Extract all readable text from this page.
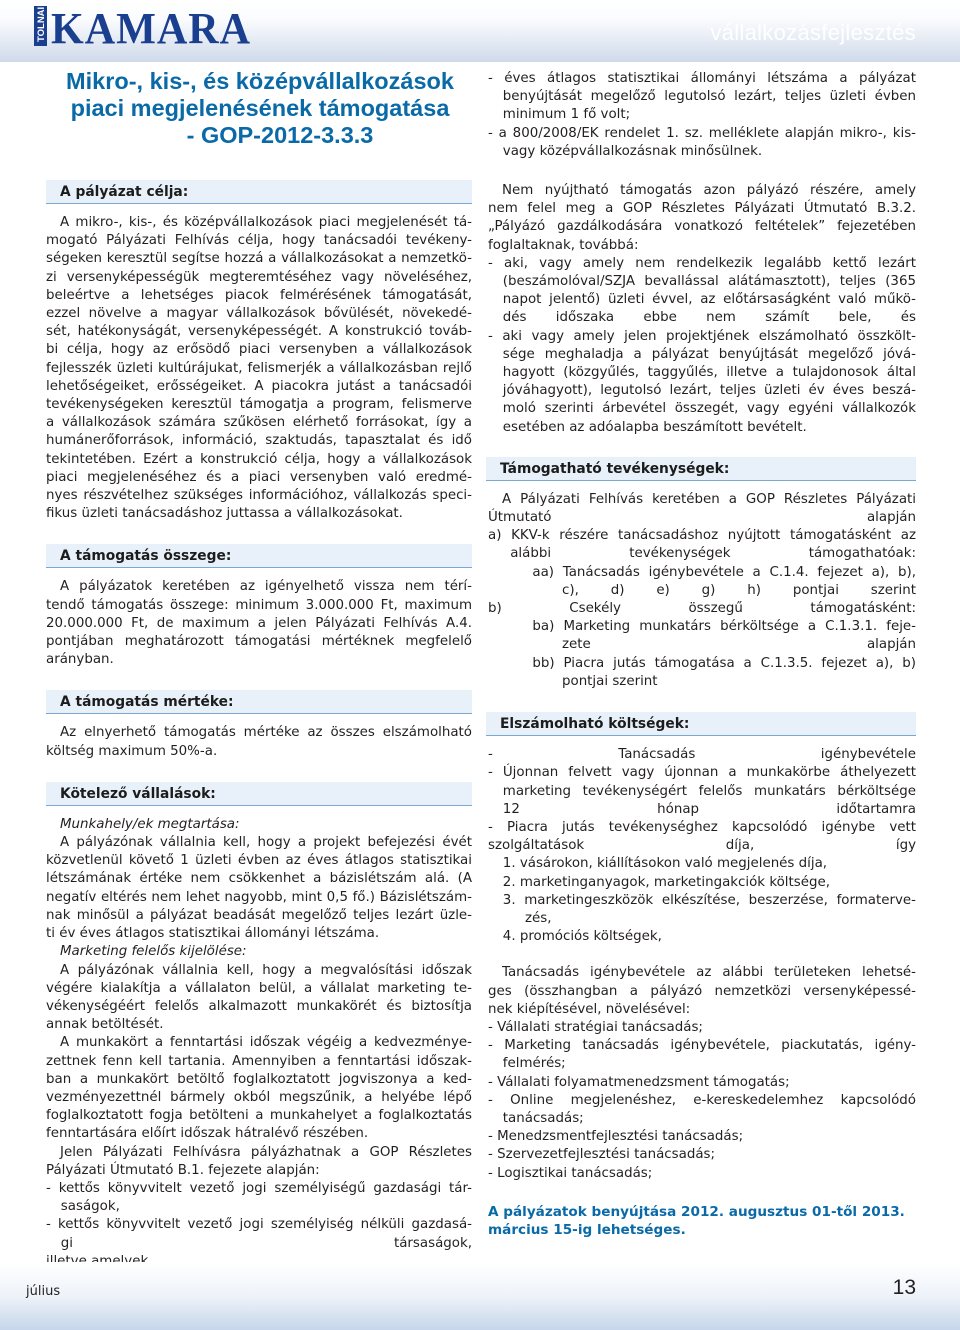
TOLNAI KAMARA	vállalkozásfejlesztés
Mikro-, kis-, és középvállalkozások
piaci megjelenésének támogatása
- GOP-2012-3.3.3
A pályázat célja:
A mikro-, kis-, és középvállalkozások piaci megjelenését tá-
mogató Pályázati Felhívás célja, hogy tanácsadói tevékeny-
ségeken keresztül segítse hozzá a vállalkozásokat a nemzetkö-
zi versenyképességük megteremtéséhez vagy növeléséhez,
beleértve a lehetséges piacok felmérésének támogatását,
ezzel növelve a magyar vállalkozások bővülését, növekedé-
sét, hatékonyságát, versenyképességét. A konstrukció továb-
bi célja, hogy az erősödő piaci versenyben a vállalkozások
fejlesszék üzleti kultúrájukat, felismerjék a vállalkozásban rejlő
lehetőségeiket, erősségeiket. A piacokra jutást a tanácsadói
tevékenységeken keresztül támogatja a program, felismerve
a vállalkozások számára szűkösen elérhető forrásokat, így a
humánerőforrások, információ, szaktudás, tapasztalat és idő
tekintetében. Ezért a konstrukció célja, hogy a vállalkozások
piaci megjelenéséhez és a piaci versenyben való eredmé-
nyes részvételhez szükséges információhoz, vállalkozás speci-
fikus üzleti tanácsadáshoz juttassa a vállalkozásokat.
A támogatás összege:
A pályázatok keretében az igényelhető vissza nem térí-
tendő támogatás összege: minimum 3.000.000 Ft, maximum
20.000.000 Ft, de maximum a jelen Pályázati Felhívás A.4.
pontjában meghatározott támogatási mértéknek megfelelő
arányban.
A támogatás mértéke:
Az elnyerhető támogatás mértéke az összes elszámolható
költség maximum 50%-a.
Kötelező vállalások:
Munkahely/ek megtartása:
A pályázónak vállalnia kell, hogy a projekt befejezési évét
közvetlenül követő 1 üzleti évben az éves átlagos statisztikai
létszámának értéke nem csökkenhet a bázislétszám alá. (A
negatív eltérés nem lehet nagyobb, mint 0,5 fő.) Bázislétszám-
nak minősül a pályázat beadását megelőző teljes lezárt üzle-
ti év éves átlagos statisztikai állományi létszáma.
Marketing felelős kijelölése:
A pályázónak vállalnia kell, hogy a megvalósítási időszak
végére kialakítja a vállalaton belül, a vállalat marketing te-
vékenységéért felelős alkalmazott munkakörét és biztosítja
annak betöltését.
A munkakört a fenntartási időszak végéig a kedvezménye-
zettnek fenn kell tartania. Amennyiben a fenntartási időszak-
ban a munkakört betöltő foglalkoztatott jogviszonya a ked-
vezményezettnél bármely okból megszűnik, a helyébe lépő
foglalkoztatott fogja betölteni a munkahelyet a foglalkoztatás
fenntartására előírt időszak hátralévő részében.
Jelen Pályázati Felhívásra pályázhatnak a GOP Részletes
Pályázati Útmutató B.1. fejezete alapján:
- kettős könyvvitelt vezető jogi személyiségű gazdasági tár-
saságok,
- kettős könyvvitelt vezető jogi személyiség nélküli gazdasá-
gi társaságok,
- éves átlagos statisztikai állományi létszáma a pályázat
benyújtását megelőző legutolsó lezárt, teljes üzleti évben
minimum 1 fő volt;
- a 800/2008/EK rendelet 1. sz. melléklete alapján mikro-, kis-
vagy középvállalkozásnak minősülnek.
Nem nyújtható támogatás azon pályázó részére, amely
nem felel meg a GOP Részletes Pályázati Útmutató B.3.2.
„Pályázó gazdálkodására vonatkozó feltételek” fejezetében
foglaltaknak, továbbá:
- aki, vagy amely nem rendelkezik legalább kettő lezárt
(beszámolóval/SZJA bevallással alátámasztott), teljes (365
napot jelentő) üzleti évvel, az előtársaságként való műkö-
dés időszaka ebbe nem számít bele, és
- aki vagy amely jelen projektjének elszámolható összkölt-
sége meghaladja a pályázat benyújtását megelőző jóvá-
hagyott (közgyűlés, taggyűlés, illetve a tulajdonosok által
jóváhagyott), legutolsó lezárt, teljes üzleti év éves beszá-
moló szerinti árbevétel összegét, vagy egyéni vállalkozók
esetében az adóalapba beszámított bevételt.
Támogatható tevékenységek:
A Pályázati Felhívás keretében a GOP Részletes Pályázati
Útmutató alapján
a) KKV-k részére tanácsadáshoz nyújtott támogatásként az
alábbi tevékenységek támogathatóak:
aa) Tanácsadás igénybevétele a C.1.4. fejezet a), b),
c), d) e) g) h) pontjai szerint
b) Csekély összegű támogatásként:
ba) Marketing munkatárs bérköltsége a C.1.3.1. feje-
zete alapján
bb) Piacra jutás támogatása a C.1.3.5. fejezet a), b)
pontjai szerint
Elszámolható költségek:
- Tanácsadás igénybevétele
- Újonnan felvett vagy újonnan a munkakörbe áthelyezett
marketing tevékenységért felelős munkatárs bérköltsége
12 hónap időtartamra
- Piacra jutás tevékenységhez kapcsolódó igénybe vett
szolgáltatások díja, így
1. vásárokon, kiállításokon való megjelenés díja,
2. marketinganyagok, marketingakciók költsége,
3. marketingeszközök elkészítése, beszerzése, formaterve-
zés,
4. promóciós költségek,
Tanácsadás igénybevétele az alábbi területeken lehetsé-
ges (összhangban a pályázó nemzetközi versenyképessé-
nek kiépítésével, növelésével:
- Vállalati stratégiai tanácsadás;
- Marketing tanácsadás igénybevétele, piackutatás, igény-
felmérés;
- Vállalati folyamatmenedzsment támogatás;
- Online megjelenéshez, e-kereskedelemhez kapcsolódó
tanácsadás;
- Menedzsmentfejlesztési tanácsadás;
- Szervezetfejlesztési tanácsadás;
- Logisztikai tanácsadás;
A pályázatok benyújtása 2012. augusztus 01-től 2013.
március 15-ig lehetséges.
július	13
